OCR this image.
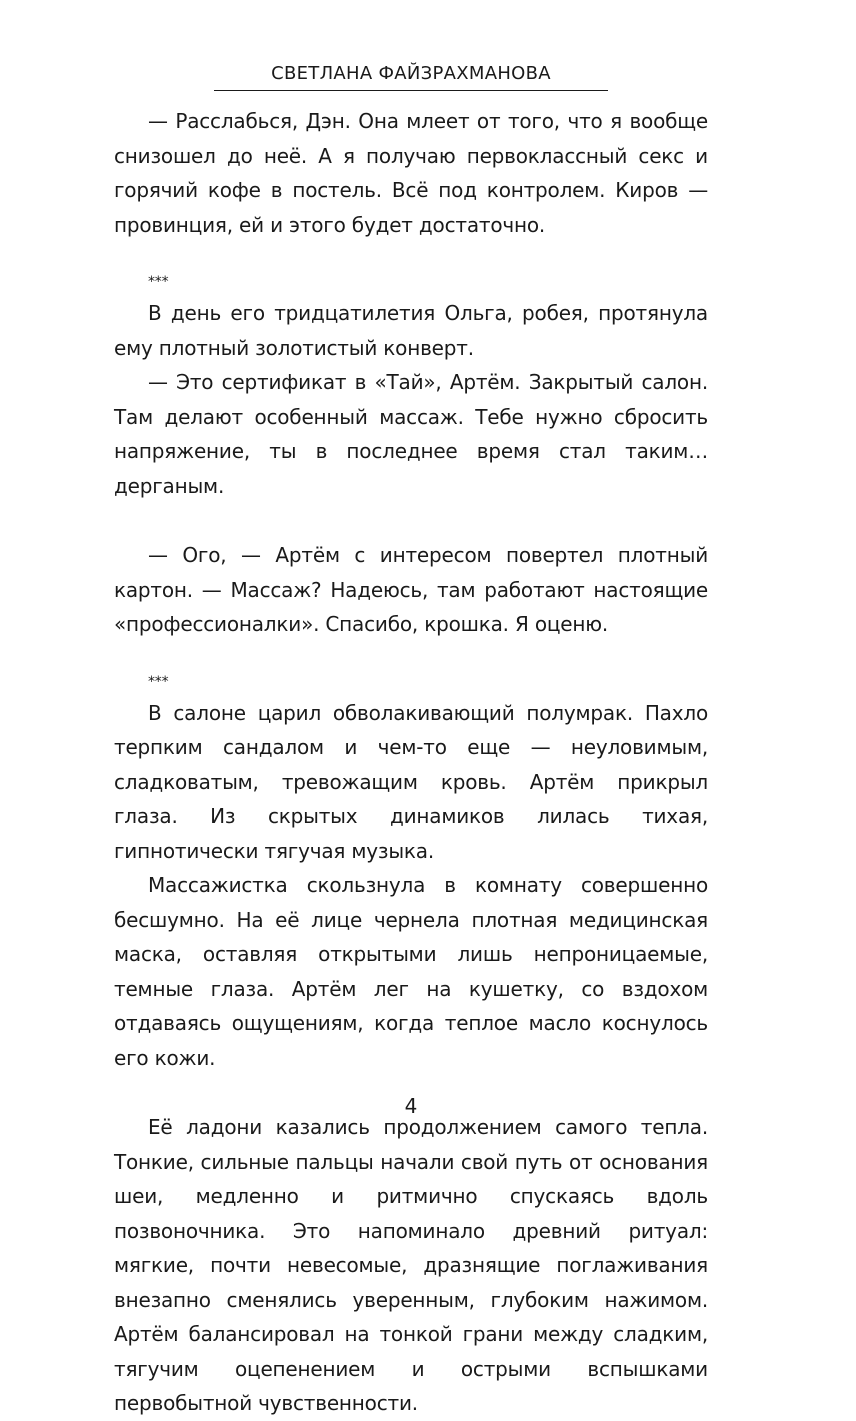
СВЕТЛАНА ФАЙЗРАХМАНОВА

— Расслабься, Дэн. Она млеет от того, что я вообще снизошел до неё. А я получаю первоклассный секс и горячий кофе в постель. Всё под контролем. Киров — провинция, ей и этого будет достаточно.

***

В день его тридцатилетия Ольга, робея, протянула ему плотный золотистый конверт.

— Это сертификат в «Тай», Артём. Закрытый салон. Там делают особенный массаж. Тебе нужно сбросить напряжение, ты в последнее время стал таким… дерганым.

— Ого, — Артём с интересом повертел плотный картон. — Массаж? Надеюсь, там работают настоящие «профессионалки». Спасибо, крошка. Я оценю.

***

В салоне царил обволакивающий полумрак. Пахло терпким сандалом и чем-то еще — неуловимым, сладковатым, тревожащим кровь. Артём прикрыл глаза. Из скрытых динамиков лилась тихая, гипнотически тягучая музыка.

Массажистка скользнула в комнату совершенно бесшумно. На её лице чернела плотная медицинская маска, оставляя открытыми лишь непроницаемые, темные глаза. Артём лег на кушетку, со вздохом отдаваясь ощущениям, когда теплое масло коснулось его кожи.

Её ладони казались продолжением самого тепла. Тонкие, сильные пальцы начали свой путь от основания шеи, медленно и ритмично спускаясь вдоль позвоночника. Это напоминало древний ритуал: мягкие, почти невесомые, дразнящие поглаживания внезапно сменялись уверенным, глубоким нажимом. Артём балансировал на тонкой грани между сладким, тягучим оцепенением и острыми вспышками первобытной чувственности.

4
